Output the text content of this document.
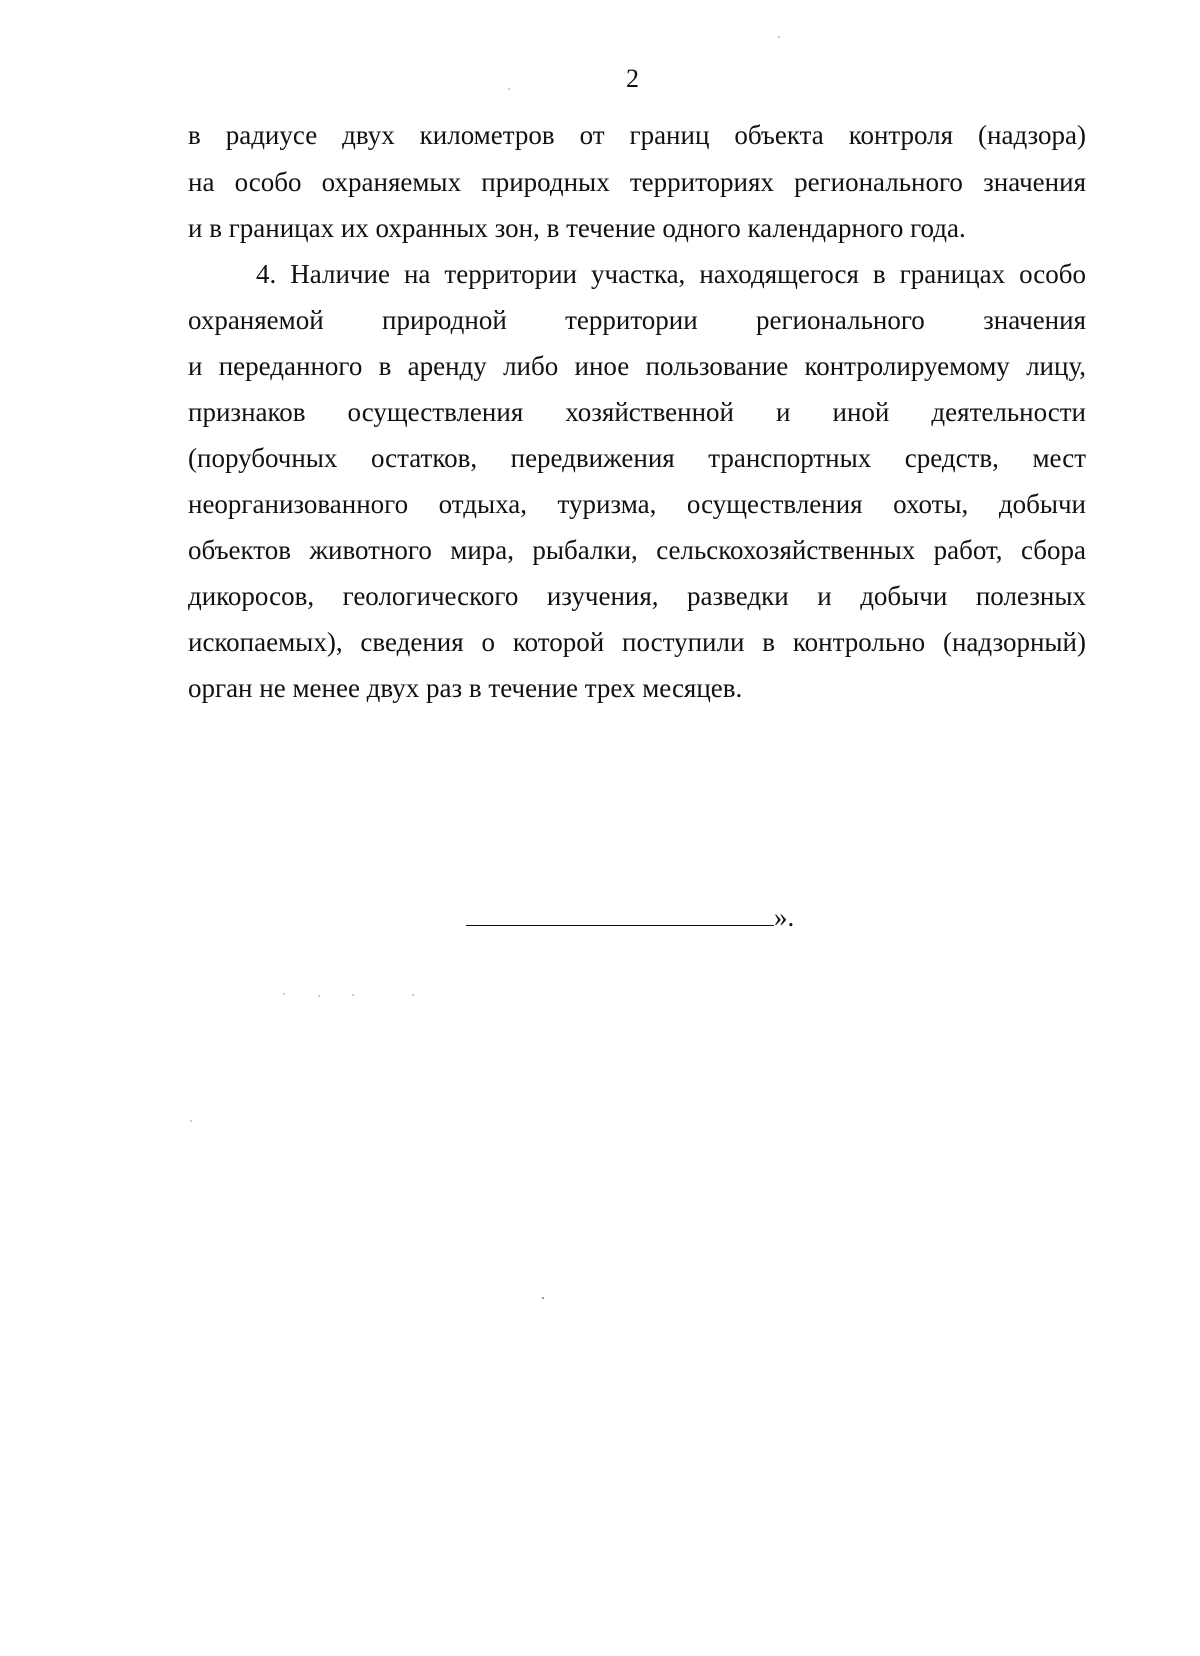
2
в радиусе двух километров от границ объекта контроля (надзора)
на особо охраняемых природных территориях регионального значения
и в границах их охранных зон, в течение одного календарного года.
4. Наличие на территории участка, находящегося в границах особо
охраняемой природной территории регионального значения
и переданного в аренду либо иное пользование контролируемому лицу,
признаков осуществления хозяйственной и иной деятельности
(порубочных остатков, передвижения транспортных средств, мест
неорганизованного отдыха, туризма, осуществления охоты, добычи
объектов животного мира, рыбалки, сельскохозяйственных работ, сбора
дикоросов, геологического изучения, разведки и добычи полезных
ископаемых), сведения о которой поступили в контрольно (надзорный)
орган не менее двух раз в течение трех месяцев.
».
